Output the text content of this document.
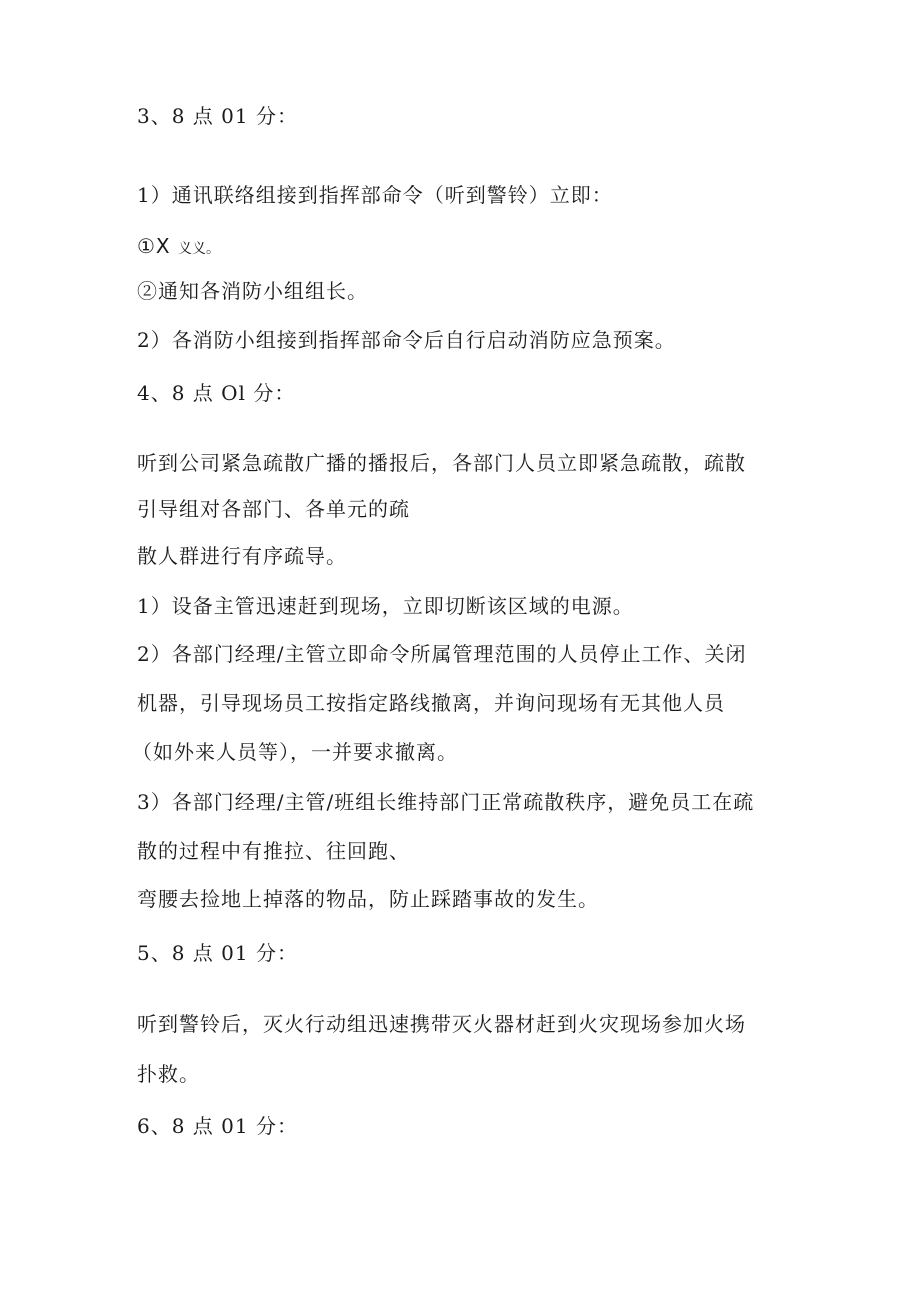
3、8 点 01 分：
1）通讯联络组接到指挥部命令（听到警铃）立即：
①X 义义。
②通知各消防小组组长。
2）各消防小组接到指挥部命令后自行启动消防应急预案。
4、8 点 Ol 分：
听到公司紧急疏散广播的播报后，各部门人员立即紧急疏散，疏散
引导组对各部门、各单元的疏
散人群进行有序疏导。
1）设备主管迅速赶到现场，立即切断该区域的电源。
2）各部门经理/主管立即命令所属管理范围的人员停止工作、关闭
机器，引导现场员工按指定路线撤离，并询问现场有无其他人员
（如外来人员等），一并要求撤离。
3）各部门经理/主管/班组长维持部门正常疏散秩序，避免员工在疏
散的过程中有推拉、往回跑、
弯腰去捡地上掉落的物品，防止踩踏事故的发生。
5、8 点 01 分：
听到警铃后，灭火行动组迅速携带灭火器材赶到火灾现场参加火场
扑救。
6、8 点 01 分：
